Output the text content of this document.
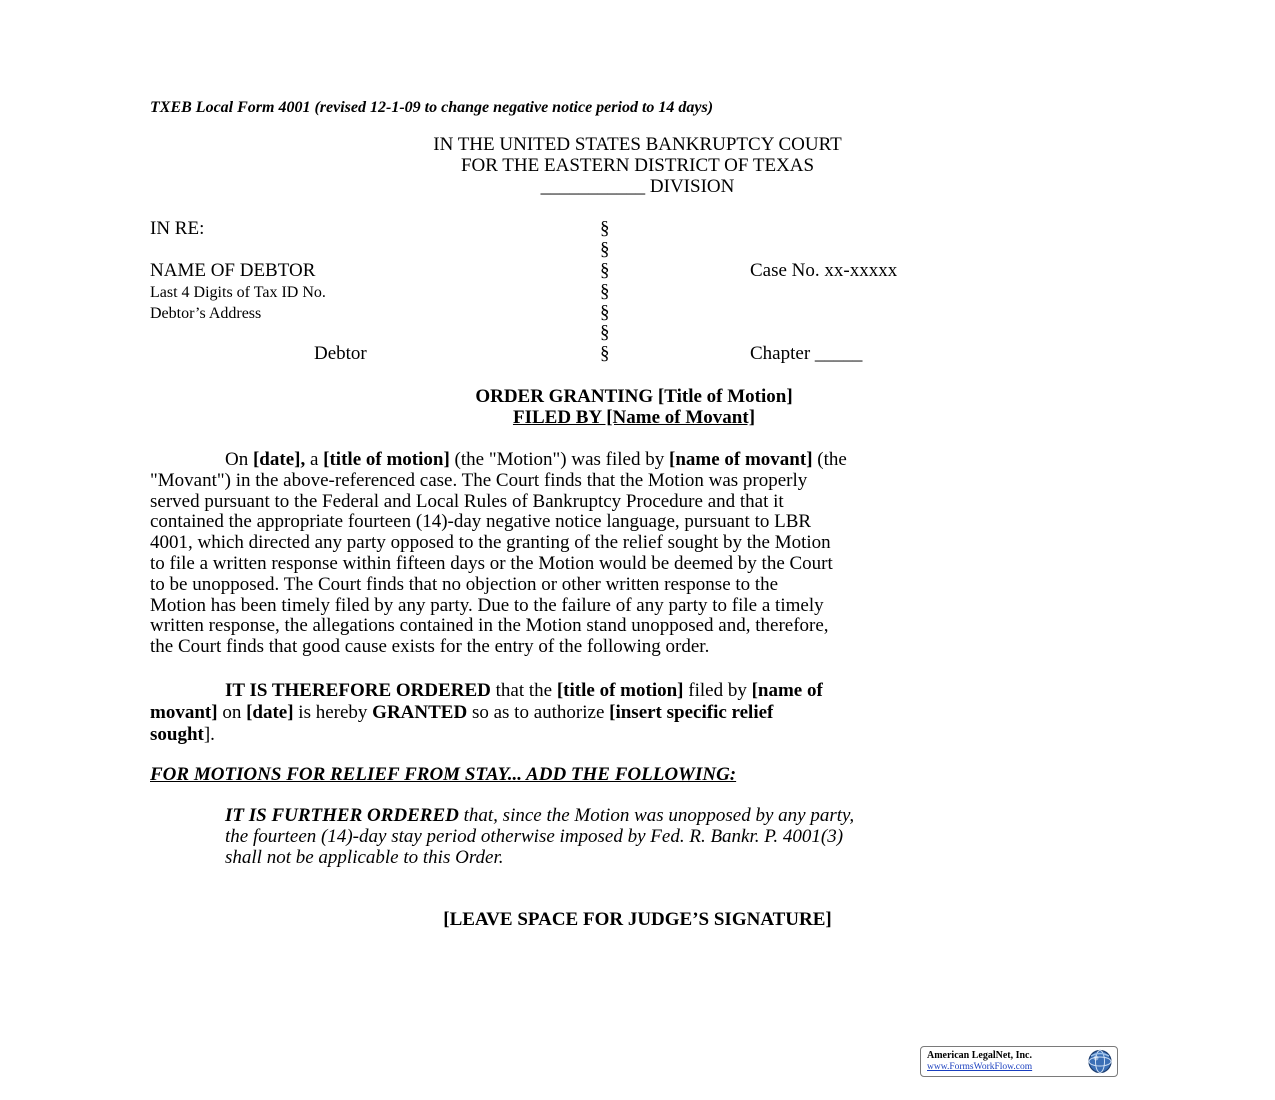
TXEB Local Form 4001 (revised 12-1-09 to change negative notice period to 14 days)
IN THE UNITED STATES BANKRUPTCY COURT
FOR THE EASTERN DISTRICT OF TEXAS
___________ DIVISION
IN RE:
NAME OF DEBTOR
Last 4 Digits of Tax ID No.
Debtor’s Address
Debtor
§
§
§
§
§
§
§
Case No. xx-xxxxx
Chapter _____
ORDER GRANTING [Title of Motion]
FILED BY [Name of Movant]
On [date], a [title of motion] (the "Motion") was filed by [name of movant] (the
"Movant") in the above-referenced case. The Court finds that the Motion was properly
served pursuant to the Federal and Local Rules of Bankruptcy Procedure and that it
contained the appropriate fourteen (14)-day negative notice language, pursuant to LBR
4001, which directed any party opposed to the granting of the relief sought by the Motion
to file a written response within fifteen days or the Motion would be deemed by the Court
to be unopposed. The Court finds that no objection or other written response to the
Motion has been timely filed by any party. Due to the failure of any party to file a timely
written response, the allegations contained in the Motion stand unopposed and, therefore,
the Court finds that good cause exists for the entry of the following order.
IT IS THEREFORE ORDERED that the [title of motion] filed by [name of
movant] on [date] is hereby GRANTED so as to authorize [insert specific relief
sought].
FOR MOTIONS FOR RELIEF FROM STAY... ADD THE FOLLOWING:
IT IS FURTHER ORDERED that, since the Motion was unopposed by any party,
the fourteen (14)-day stay period otherwise imposed by Fed. R. Bankr. P. 4001(3)
shall not be applicable to this Order.
[LEAVE SPACE FOR JUDGE’S SIGNATURE]
American LegalNet, Inc.
www.FormsWorkFlow.com
